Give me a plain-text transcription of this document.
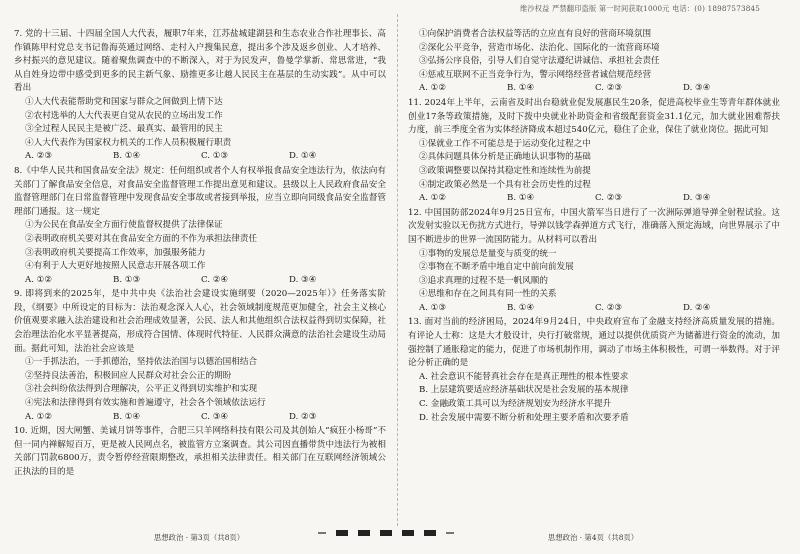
维沙权益 严禁翻印盗版 第一时间获取1000元 电话：(0) 18987573845
7. 党的十三届、十四届全国人大代表，履职7年来，江苏盐城建湖县和生态农业合作社理事长、高作镇陈甲村党总支书记鲁海英通过网络、走村入户搜集民意，提出多个涉及返乡创业、人才培养、乡村振兴的意见建议。随着聚焦调查中的不断深入，对于为民发声，鲁曼学掌新、常思常进，“我从自姓身边带中感受到更多的民主新气象、励推更多让越人民民主在基层的生动实践”。从中可以看出
①人大代表能帮助党和国家与群众之间做到上情下达
②农村选举的人大代表更自觉从农民的立场出发工作
③全过程人民民主是被广泛、最真实、最管用的民主
④人大代表作为国家权力机关的工作人员积极履行职责
A. ②③	B. ①④	C. ①③	D. ①④
8.《中华人民共和国食品安全法》规定：任何组织或者个人有权举报食品安全违法行为，依法向有关部门了解食品安全信息，对食品安全监督管理工作提出意见和建议。县级以上人民政府食品安全监督管理部门在日常监督管理中发现食品安全事故或者接到举报，应当立即向同级食品安全监督管理部门通报。这一规定
①为公民在食品安全方面行使监督权提供了法律保证
②表明政府机关要对其在食品安全方面的不作为承担法律责任
③表明政府机关要提高工作效率，加强服务能力
④有利于人大更好地按照人民意志开展各项工作
A. ①②	B. ①③	C. ②④	D. ③④
9. 即将到来的2025年，是中共中央《法治社会建设实施纲要（2020—2025年）》任务落实阶段，《纲要》中所设定的目标为：法治观念深入人心，社会领域制度规范更加健全，社会主义核心价值观要求融入法治建设和社会治理成效显著，公民、法人和其他组织合法权益得到切实保障，社会治理法治化水平显著提高，形成符合国情、体现时代特征、人民群众满意的法治社会建设生动局面。据此可知，法治社会应该是
①一手抓法治，一手抓德治，坚持依法治国与以德治国相结合
②坚持良法善治，积极回应人民群众对社会公正的期盼
③社会纠纷依法得到合理解决，公平正义得到切实维护和实现
④宪法和法律得到有效实施和普遍遵守，社会各个领域依法运行
A. ①②	B. ①④	C. ③④	D. ②③
10. 近期，因大闸蟹、美诚月饼等事件，合肥三只羊网络科技有限公司及其创始人“疯狂小杨哥”不但一同内禅解短百万，更是被人民网点名，被监管方立案调查。其公司因直播带货中违法行为被相关部门罚款6800万，责令暂停经营限期整改，承担相关法律责任。相关部门在互联网经济领域公正执法的目的是
思想政治 · 第3页（共8页）
①向保护消费者合法权益等活的立应直有良好的营商环境氛围
②深化公平竞争，营造市场化、法治化、国际化的一流营商环境
③弘扬公序良俗，引导人们自觉守法遵纪讲诚信、承担社会责任
④惩戒互联网不正当竞争行为，警示网络经营者诚信规范经营
A. ①②	B. ①④	C. ②③	D. ③④
11. 2024年上半年，云南省及时出台稳就业促发展惠民生20条，促进高校毕业生等青年群体就业创业17条等政策措施，及时下拨中央就业补助资金和省级配套资金31.1亿元，加大就业困难帮扶力度，前三季度全省为实体经济降成本超过540亿元，稳住了企业，保住了就业岗位。据此可知
①保就业工作不可能总是于运动变化过程之中
②具体问题具体分析是正确地认识事物的基础
③政策调整要以保持其稳定性和连续性为前提
④制定政策必然是一个具有社会历史性的过程
A. ①②	B. ①④	C. ②③	D. ③④
12. 中国国防部2024年9月25日宣布，中国火箭军当日进行了一次洲际弹道导弹全射程试验。这次发射实验以无伤扰方式进行，导弹以钱学森弹道方式飞行，准确落入预定海域，向世界展示了中国不断进步的世界一流国防能力。从材料可以看出
①事物的发展总是量变与质变的统一
②事物在不断矛盾中地自定中前向前发展
③追求真理的过程不是一帆风顺的
④思维和存在之间具有同一性的关系
A. ①③	B. ①④	C. ②③	D. ②④
13. 面对当前的经济困局，2024年9月24日，中央政府宣布了金融支持经济高质量发展的措施。有评论人士称：这是大才般设计，央行打破常规，通过以提供优质资产为储蓄进行资金的流动，加强控制了通胀稳定的能力，促进了市场机制作用，调动了市场主体积极性，可谓一举数得。对于评论分析正确的是
A. 社会意识不能替真社会存在是真正理性的根本性要求
B. 上层建筑要适应经济基础状况是社会发展的基本规律
C. 金融政策工具可以为经济规划安为经济水平提升
D. 社会发展中需要不断分析和处理主要矛盾和次要矛盾
思想政治 · 第4页（共8页）
